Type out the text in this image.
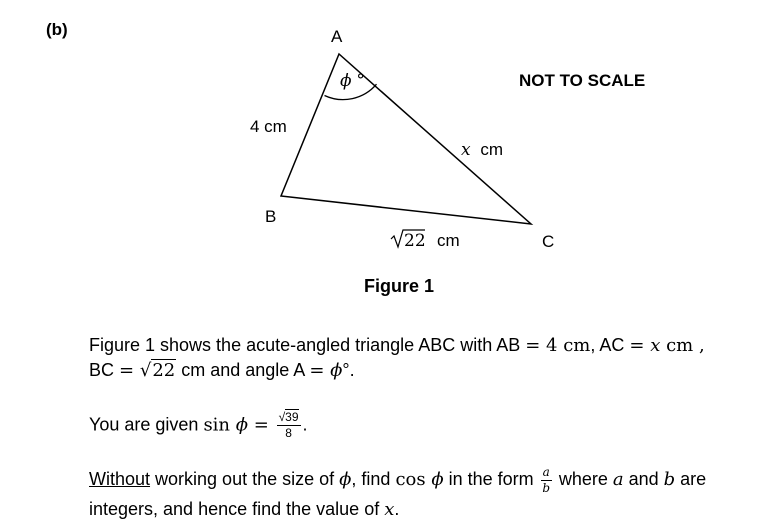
(b)
NOT TO SCALE
A
B
C
4 cm
x cm
ϕ °
22 cm
Figure 1
Figure 1 shows the acute-angled triangle ABC with AB = 4 cm, AC = x cm ,
BC = √22 cm and angle A = ϕ°.
You are given $\sin \phi = \frac{√39}{8}$ .
Without working out the size of ϕ, find cos ϕ in the form $\frac{a}{b}$ where a and b are
integers, and hence find the value of x.
